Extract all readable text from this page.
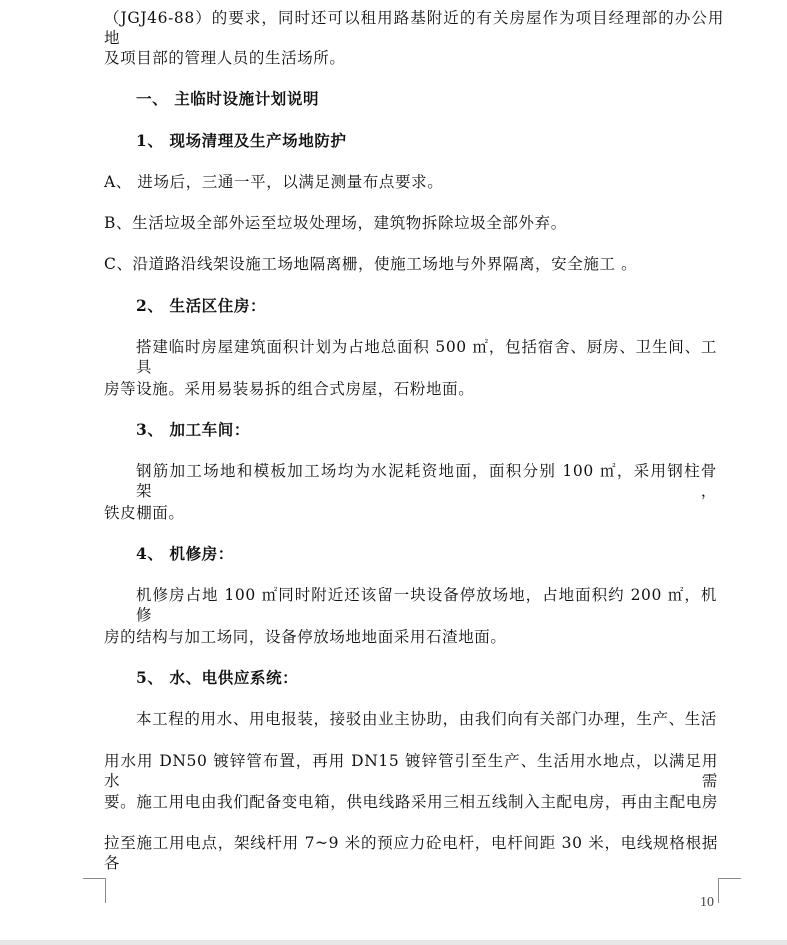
（JGJ46-88）的要求，同时还可以租用路基附近的有关房屋作为项目经理部的办公用地
及项目部的管理人员的生活场所。
一、 主临时设施计划说明
1、 现场清理及生产场地防护
A、 进场后，三通一平，以满足测量布点要求。
B、生活垃圾全部外运至垃圾处理场，建筑物拆除垃圾全部外弃。
C、沿道路沿线架设施工场地隔离栅，使施工场地与外界隔离，安全施工 。
2、 生活区住房：
搭建临时房屋建筑面积计划为占地总面积 500 ㎡，包括宿舍、厨房、卫生间、工具
房等设施。采用易装易拆的组合式房屋，石粉地面。
3、 加工车间：
钢筋加工场地和模板加工场均为水泥耗资地面，面积分别 100 ㎡，采用钢柱骨架，
铁皮棚面。
4、 机修房：
机修房占地 100 ㎡同时附近还该留一块设备停放场地，占地面积约 200 ㎡，机修
房的结构与加工场同，设备停放场地地面采用石渣地面。
5、 水、电供应系统：
本工程的用水、用电报装，接驳由业主协助，由我们向有关部门办理，生产、生活
用水用 DN50 镀锌管布置，再用 DN15 镀锌管引至生产、生活用水地点，以满足用水需
要。施工用电由我们配备变电箱，供电线路采用三相五线制入主配电房，再由主配电房
拉至施工用电点，架线杆用 7~9 米的预应力砼电杆，电杆间距 30 米，电线规格根据各
10
